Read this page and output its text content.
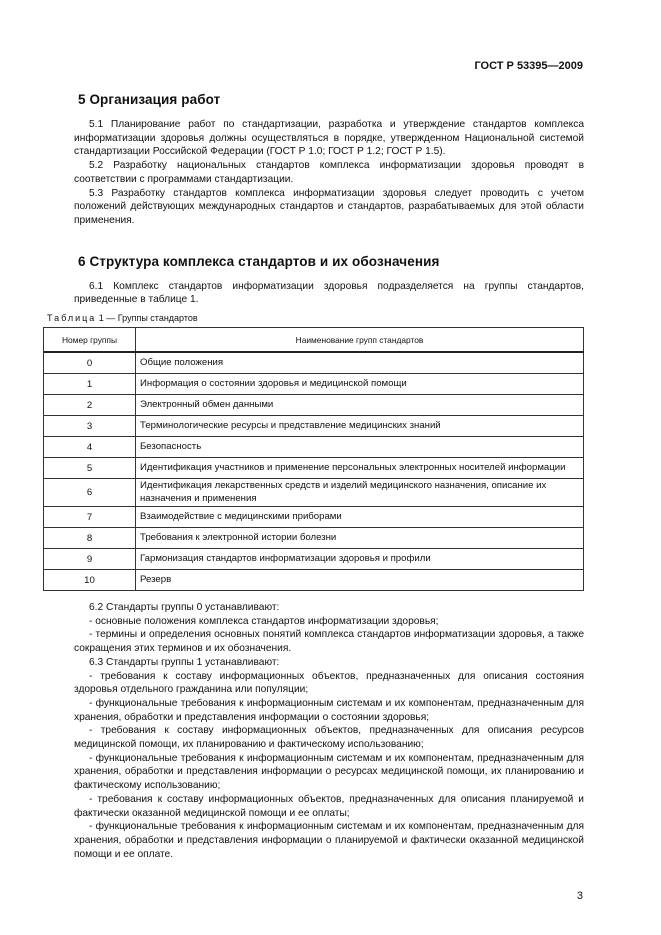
ГОСТ Р 53395—2009
5 Организация работ

5.1 Планирование работ по стандартизации, разработка и утверждение стандартов комплекса информатизации здоровья должны осуществляться в порядке, утвержденном Национальной системой стандартизации Российской Федерации (ГОСТ Р 1.0; ГОСТ Р 1.2; ГОСТ Р 1.5).

5.2 Разработку национальных стандартов комплекса информатизации здоровья проводят в соответствии с программами стандартизации.

5.3 Разработку стандартов комплекса информатизации здоровья следует проводить с учетом положений действующих международных стандартов и стандартов, разрабатываемых для этой области применения.

6 Структура комплекса стандартов и их обозначения

6.1 Комплекс стандартов информатизации здоровья подразделяется на группы стандартов, приведенные в таблице 1.

Таблица 1 — Группы стандартов
Номер группы	Наименование групп стандартов
0	Общие положения
1	Информация о состоянии здоровья и медицинской помощи
2	Электронный обмен данными
3	Терминологические ресурсы и представление медицинских знаний
4	Безопасность
5	Идентификация участников и применение персональных электронных носителей информации
6	Идентификация лекарственных средств и изделий медицинского назначения, описание их назначения и применения
7	Взаимодействие с медицинскими приборами
8	Требования к электронной истории болезни
9	Гармонизация стандартов информатизации здоровья и профили
10	Резерв

6.2 Стандарты группы 0 устанавливают:

- основные положения комплекса стандартов информатизации здоровья;

- термины и определения основных понятий комплекса стандартов информатизации здоровья, а также сокращения этих терминов и их обозначения.

6.3 Стандарты группы 1 устанавливают:

- требования к составу информационных объектов, предназначенных для описания состояния здоровья отдельного гражданина или популяции;

- функциональные требования к информационным системам и их компонентам, предназначенным для хранения, обработки и представления информации о состоянии здоровья;

- требования к составу информационных объектов, предназначенных для описания ресурсов медицинской помощи, их планированию и фактическому использованию;

- функциональные требования к информационным системам и их компонентам, предназначенным для хранения, обработки и представления информации о ресурсах медицинской помощи, их планированию и фактическому использованию;

- требования к составу информационных объектов, предназначенных для описания планируемой и фактически оказанной медицинской помощи и ее оплаты;

- функциональные требования к информационным системам и их компонентам, предназначенным для хранения, обработки и представления информации о планируемой и фактически оказанной медицинской помощи и ее оплате.

3
